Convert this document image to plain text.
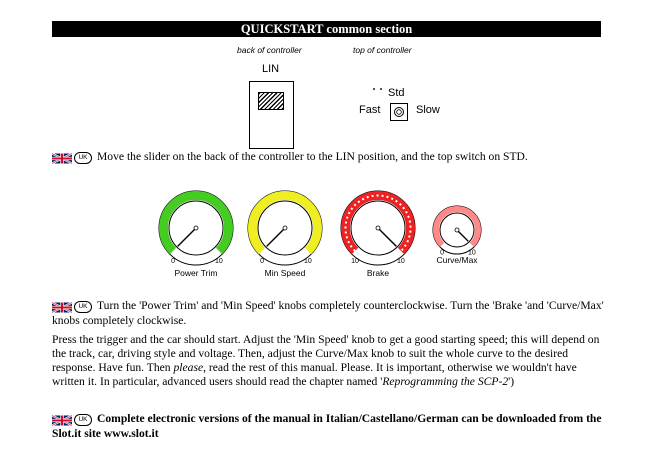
QUICKSTART common section
back of controller	top of controller
LIN
Std
Fast	Slow
UK Move the slider on the back of the controller to the LIN position, and the top switch on STD.
0	10	0	10	10	10
0	10
Power Trim	Min Speed	Brake
Curve/Max
UK Turn the 'Power Trim' and 'Min Speed' knobs completely counterclockwise. Turn the 'Brake 'and 'Curve/Max' knobs completely clockwise.
Press the trigger and the car should start. Adjust the 'Min Speed' knob to get a good starting speed; this will depend on the track, car, driving style and voltage. Then, adjust the Curve/Max knob to suit the whole curve to the desired response. Have fun. Then please, read the rest of this manual. Please. It is important, otherwise we wouldn't have written it. In particular, advanced users should read the chapter named 'Reprogramming the SCP-2')
UK Complete electronic versions of the manual in Italian/Castellano/German can be downloaded from the Slot.it site www.slot.it
